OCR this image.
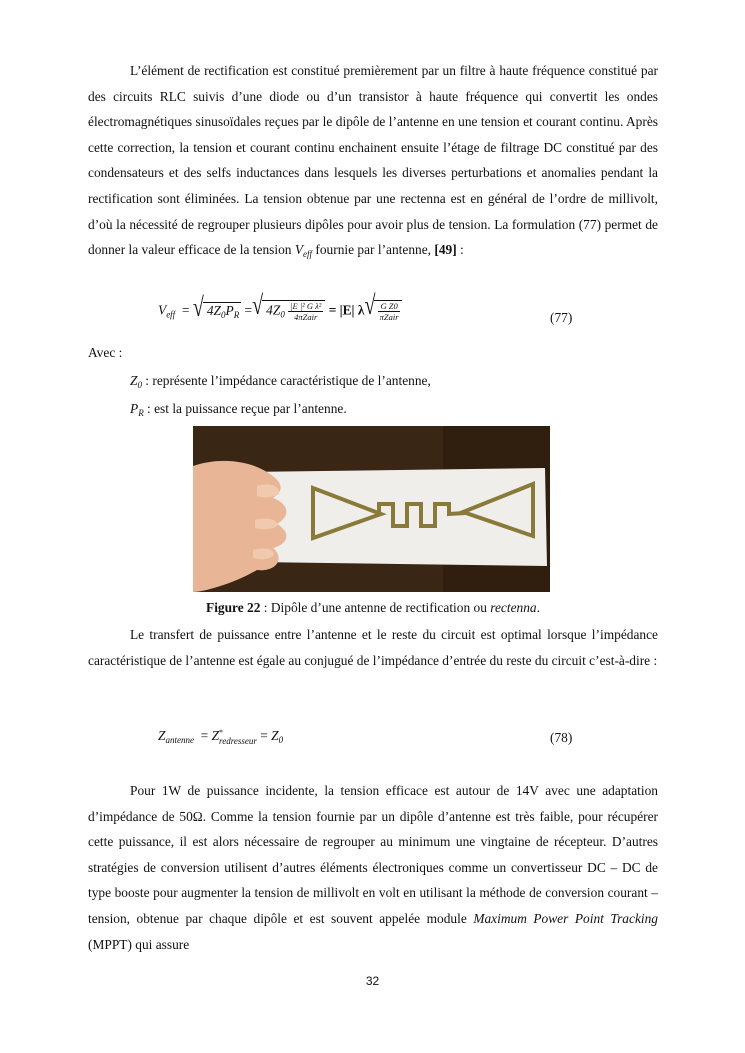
L’élément de rectification est constitué premièrement par un filtre à haute fréquence constitué par des circuits RLC suivis d’une diode ou d’un transistor à haute fréquence qui convertit les ondes électromagnétiques sinusoïdales reçues par le dipôle de l’antenne en une tension et courant continu. Après cette correction, la tension et courant continu enchainent ensuite l’étage de filtrage DC constitué par des condensateurs et des selfs inductances dans lesquels les diverses perturbations et anomalies pendant la rectification sont éliminées. La tension obtenue par une rectenna est en général de l’ordre de millivolt, d’où la nécessité de regrouper plusieurs dipôles pour avoir plus de tension. La formulation (77) permet de donner la valeur efficace de la tension $V_{eff}$ fournie par l’antenne, [49] :

$V_{eff}$ = √ $4Z_0P_R$ = √ $4Z_0 \frac{\text{|E |² G λ²}}{\text{4πZair}} = |E|$ λ √ $\frac{\text{G Z0}}{\text{πZair}}$	(77)

Avec :

$Z_0$ : représente l’impédance caractéristique de l’antenne,

$P_R$ : est la puissance reçue par l’antenne.

Figure 22 : Dipôle d’une antenne de rectification ou rectenna.

Le transfert de puissance entre l’antenne et le reste du circuit est optimal lorsque l’impédance caractéristique de l’antenne est égale au conjugué de l’impédance d’entrée du reste du circuit c’est-à-dire :

$Z_{antenne} = Z$ *
redresseur = $Z_0$	(78)

Pour 1W de puissance incidente, la tension efficace est autour de 14V avec une adaptation d’impédance de 50Ω. Comme la tension fournie par un dipôle d’antenne est très faible, pour récupérer cette puissance, il est alors nécessaire de regrouper au minimum une vingtaine de récepteur. D’autres stratégies de conversion utilisent d’autres éléments électroniques comme un convertisseur DC – DC de type booste pour augmenter la tension de millivolt en volt en utilisant la méthode de conversion courant – tension, obtenue par chaque dipôle et est souvent appelée module Maximum Power Point Tracking (MPPT) qui assure

32
